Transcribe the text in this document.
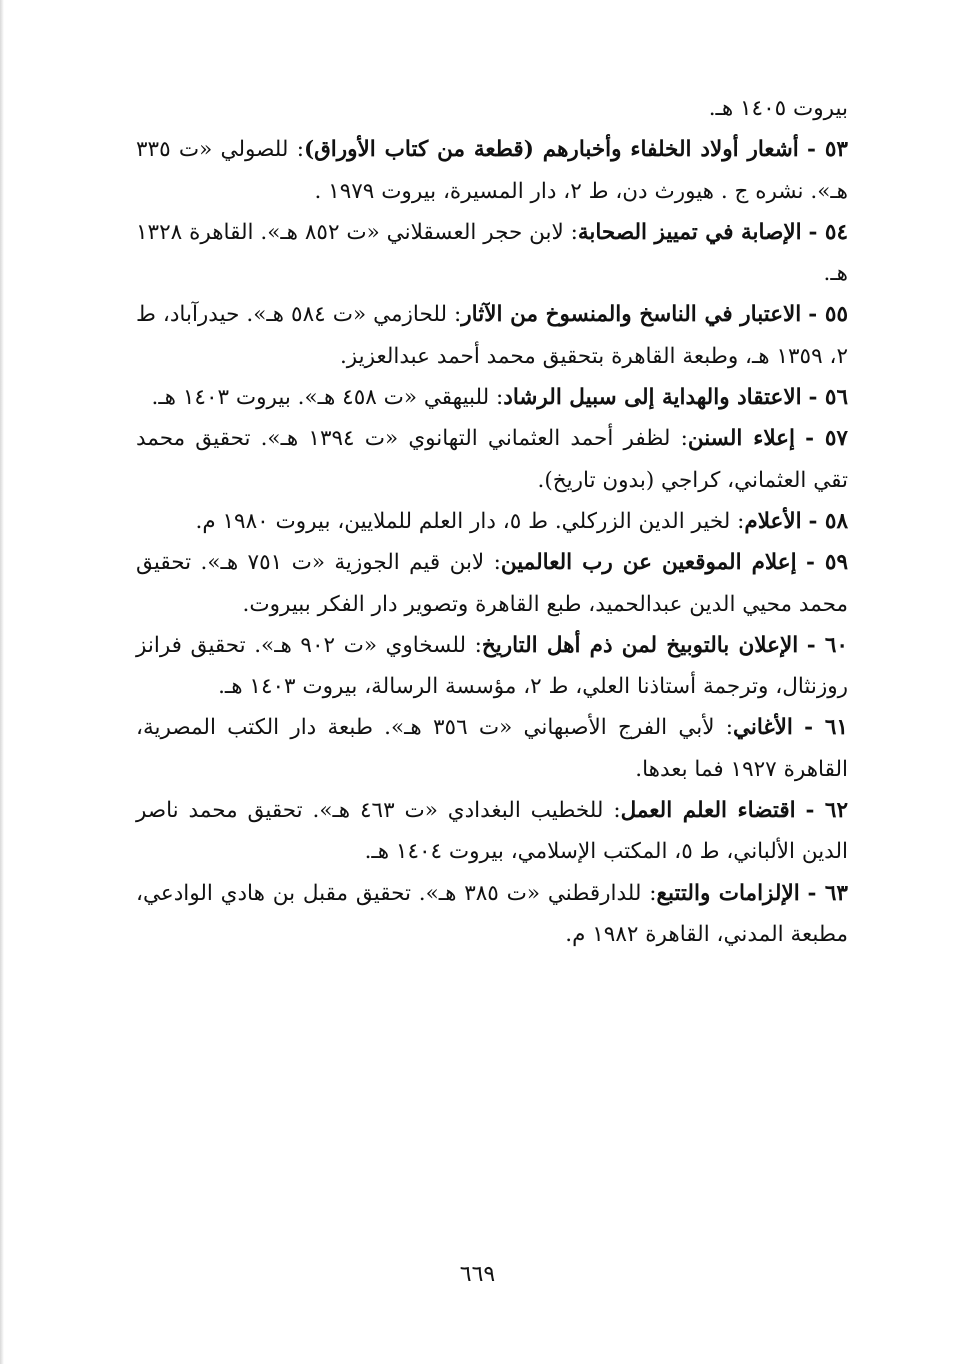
بيروت ١٤٠٥ هـ.

٥٣ - أشعار أولاد الخلفاء وأخبارهم (قطعة من كتاب الأوراق): للصولي «ت ٣٣٥ هـ». نشره ج . هيورث دن، ط ٢، دار المسيرة، بيروت ١٩٧٩ .

٥٤ - الإصابة في تمييز الصحابة: لابن حجر العسقلاني «ت ٨٥٢ هـ». القاهرة ١٣٢٨ هـ.

٥٥ - الاعتبار في الناسخ والمنسوخ من الآثار: للحازمي «ت ٥٨٤ هـ». حيدرآباد، ط ٢، ١٣٥٩ هـ، وطبعة القاهرة بتحقيق محمد أحمد عبدالعزيز.

٥٦ - الاعتقاد والهداية إلى سبيل الرشاد: للبيهقي «ت ٤٥٨ هـ». بيروت ١٤٠٣ هـ.

٥٧ - إعلاء السنن: لظفر أحمد العثماني التهانوي «ت ١٣٩٤ هـ». تحقيق محمد تقي العثماني، كراجي (بدون تاريخ).

٥٨ - الأعلام: لخير الدين الزركلي. ط ٥، دار العلم للملايين، بيروت ١٩٨٠ م.

٥٩ - إعلام الموقعين عن رب العالمين: لابن قيم الجوزية «ت ٧٥١ هـ». تحقيق محمد محيي الدين عبدالحميد، طبع القاهرة وتصوير دار الفكر ببيروت.

٦٠ - الإعلان بالتوبيخ لمن ذم أهل التاريخ: للسخاوي «ت ٩٠٢ هـ». تحقيق فرانز روزنثال، وترجمة أستاذنا العلي، ط ٢، مؤسسة الرسالة، بيروت ١٤٠٣ هـ.

٦١ - الأغاني: لأبي الفرج الأصبهاني «ت ٣٥٦ هـ». طبعة دار الكتب المصرية، القاهرة ١٩٢٧ فما بعدها.

٦٢ - اقتضاء العلم العمل: للخطيب البغدادي «ت ٤٦٣ هـ». تحقيق محمد ناصر الدين الألباني، ط ٥، المكتب الإسلامي، بيروت ١٤٠٤ هـ.

٦٣ - الإلزامات والتتبع: للدارقطني «ت ٣٨٥ هـ». تحقيق مقبل بن هادي الوادعي، مطبعة المدني، القاهرة ١٩٨٢ م.

٦٦٩
